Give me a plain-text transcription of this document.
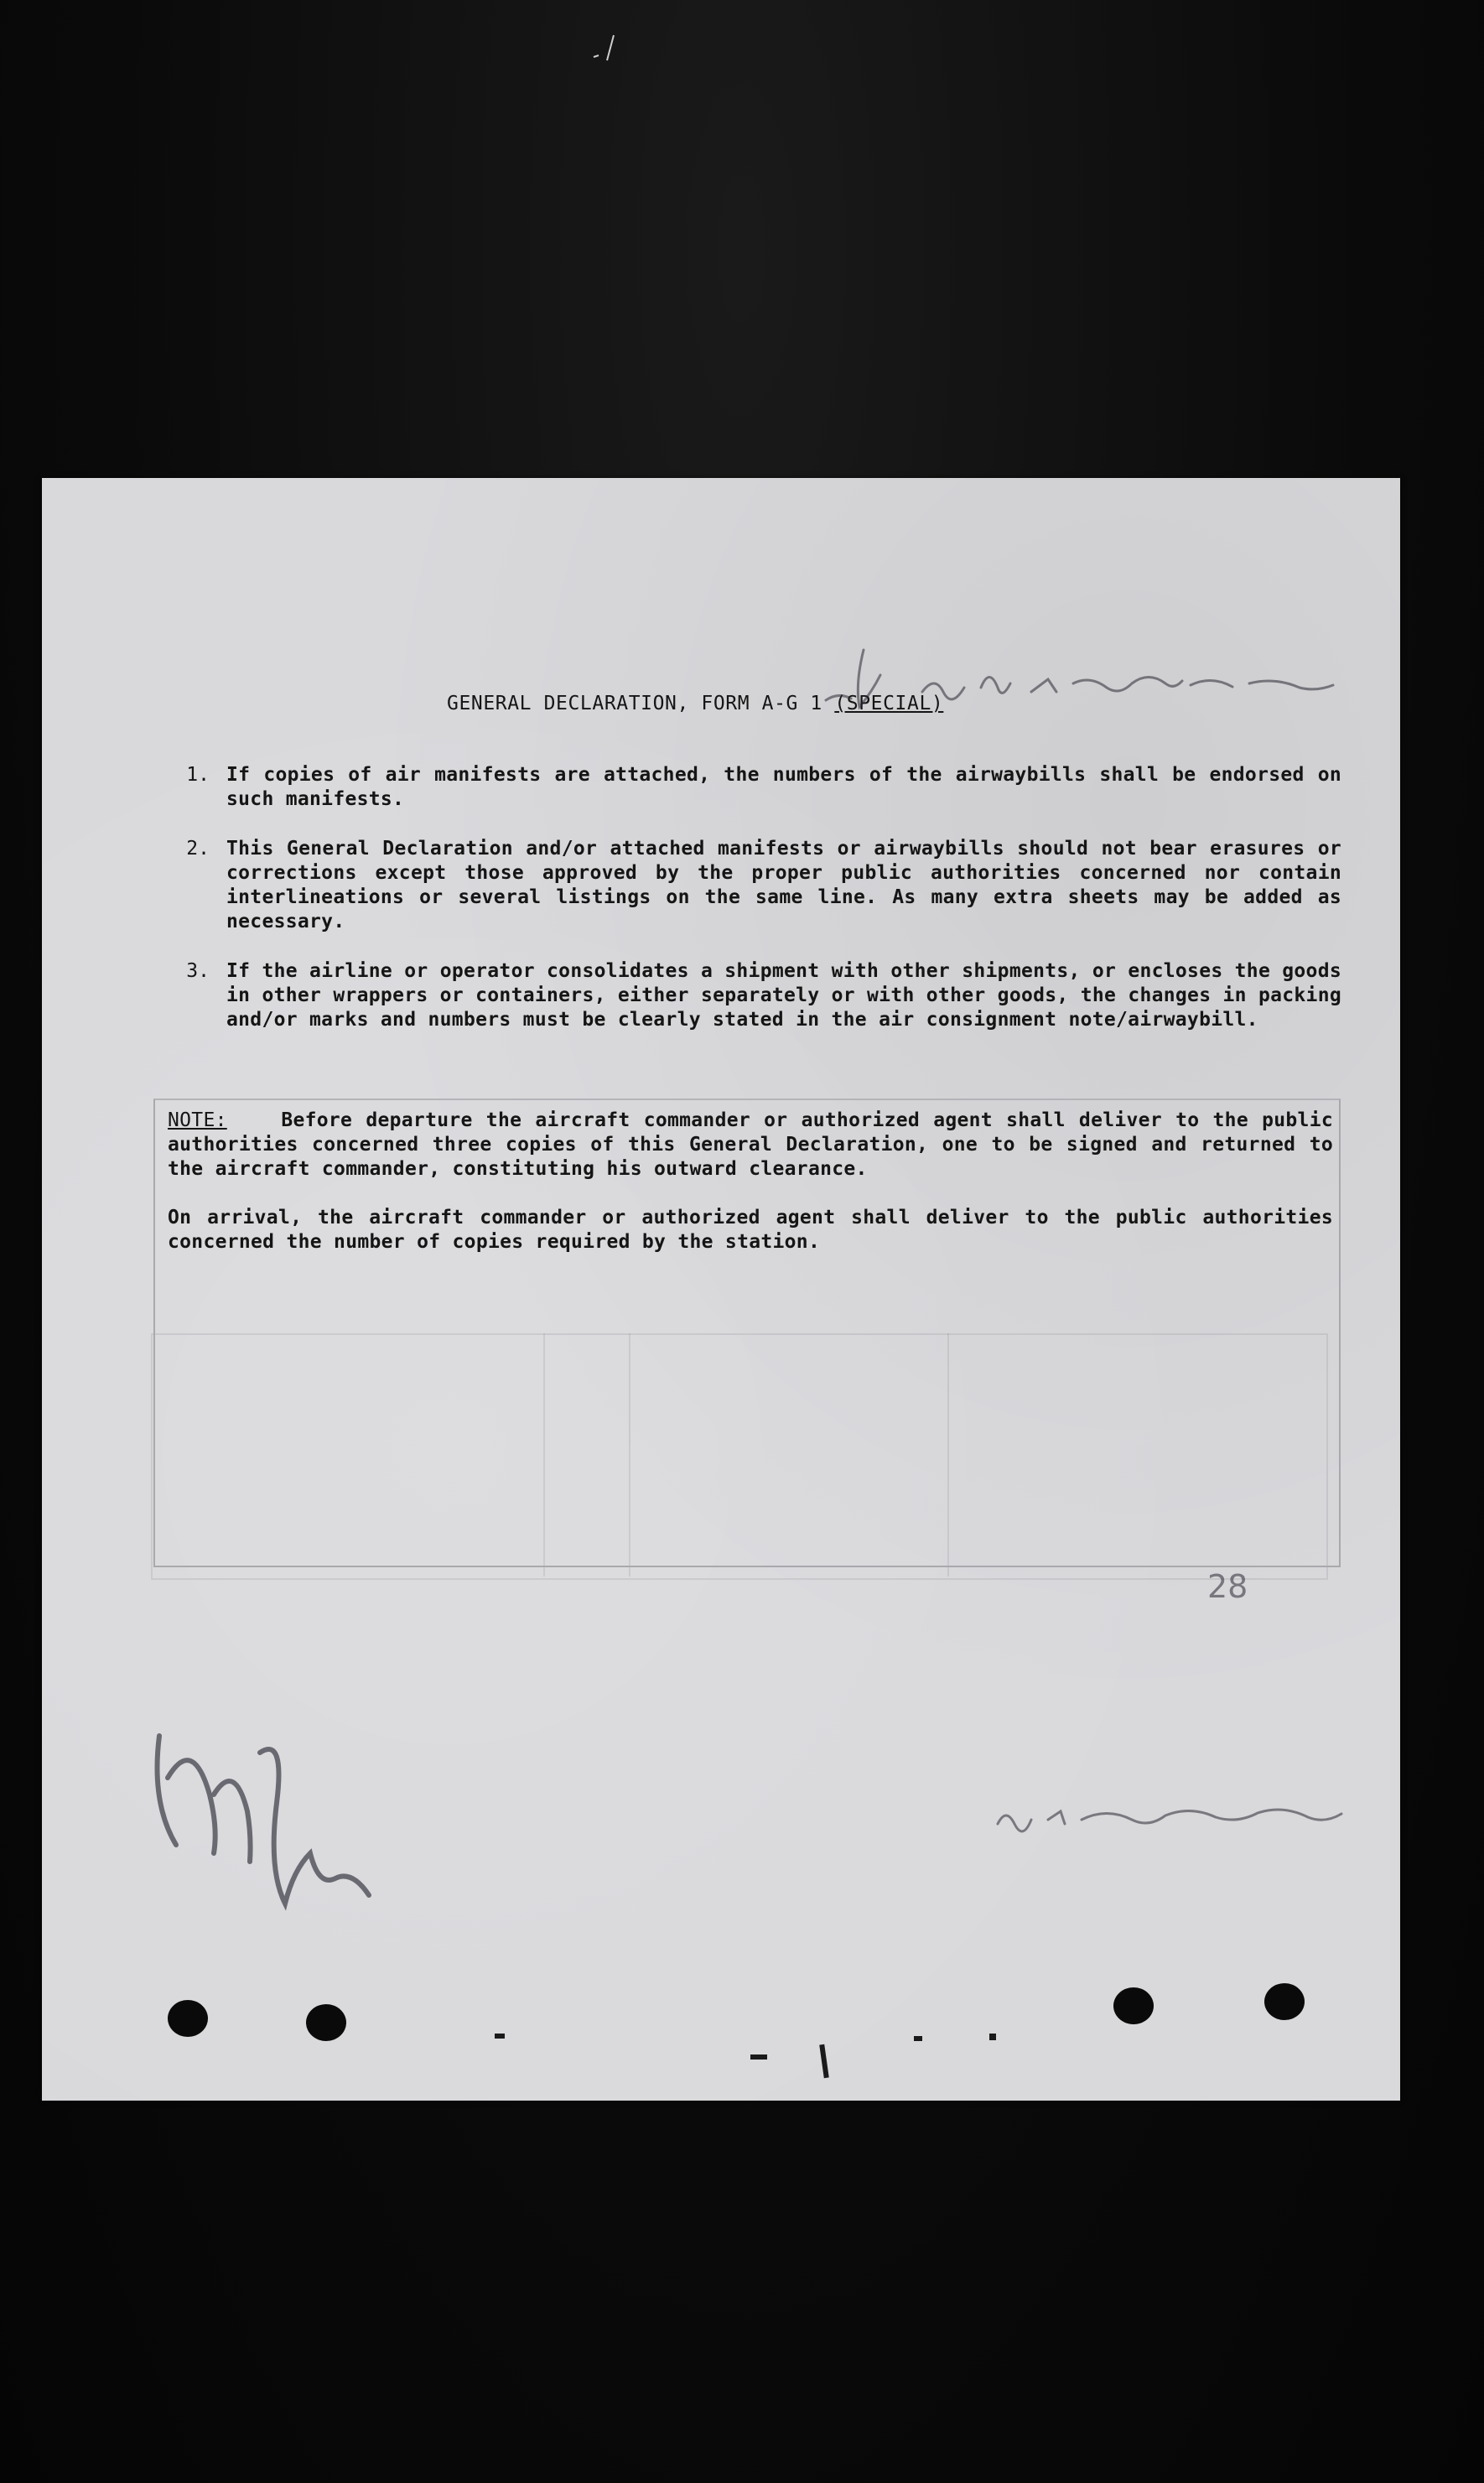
GENERAL DECLARATION, FORM A-G 1 (SPECIAL)
1. If copies of air manifests are attached, the numbers of the airwaybills shall be endorsed on such manifests.
2. This General Declaration and/or attached manifests or airwaybills should not bear erasures or corrections except those approved by the proper public authorities concerned nor contain interlineations or several listings on the same line. As many extra sheets may be added as necessary.
3. If the airline or operator consolidates a shipment with other shipments, or encloses the goods in other wrappers or containers, either separately or with other goods, the changes in packing and/or marks and numbers must be clearly stated in the air consignment note/airwaybill.

NOTE:	Before departure the aircraft commander or authorized agent shall deliver to the public authorities concerned three copies of this General Declaration, one to be signed and returned to the aircraft commander, constituting his outward clearance.

On arrival, the aircraft commander or authorized agent shall deliver to the public authorities concerned the number of copies required by the station.

28
